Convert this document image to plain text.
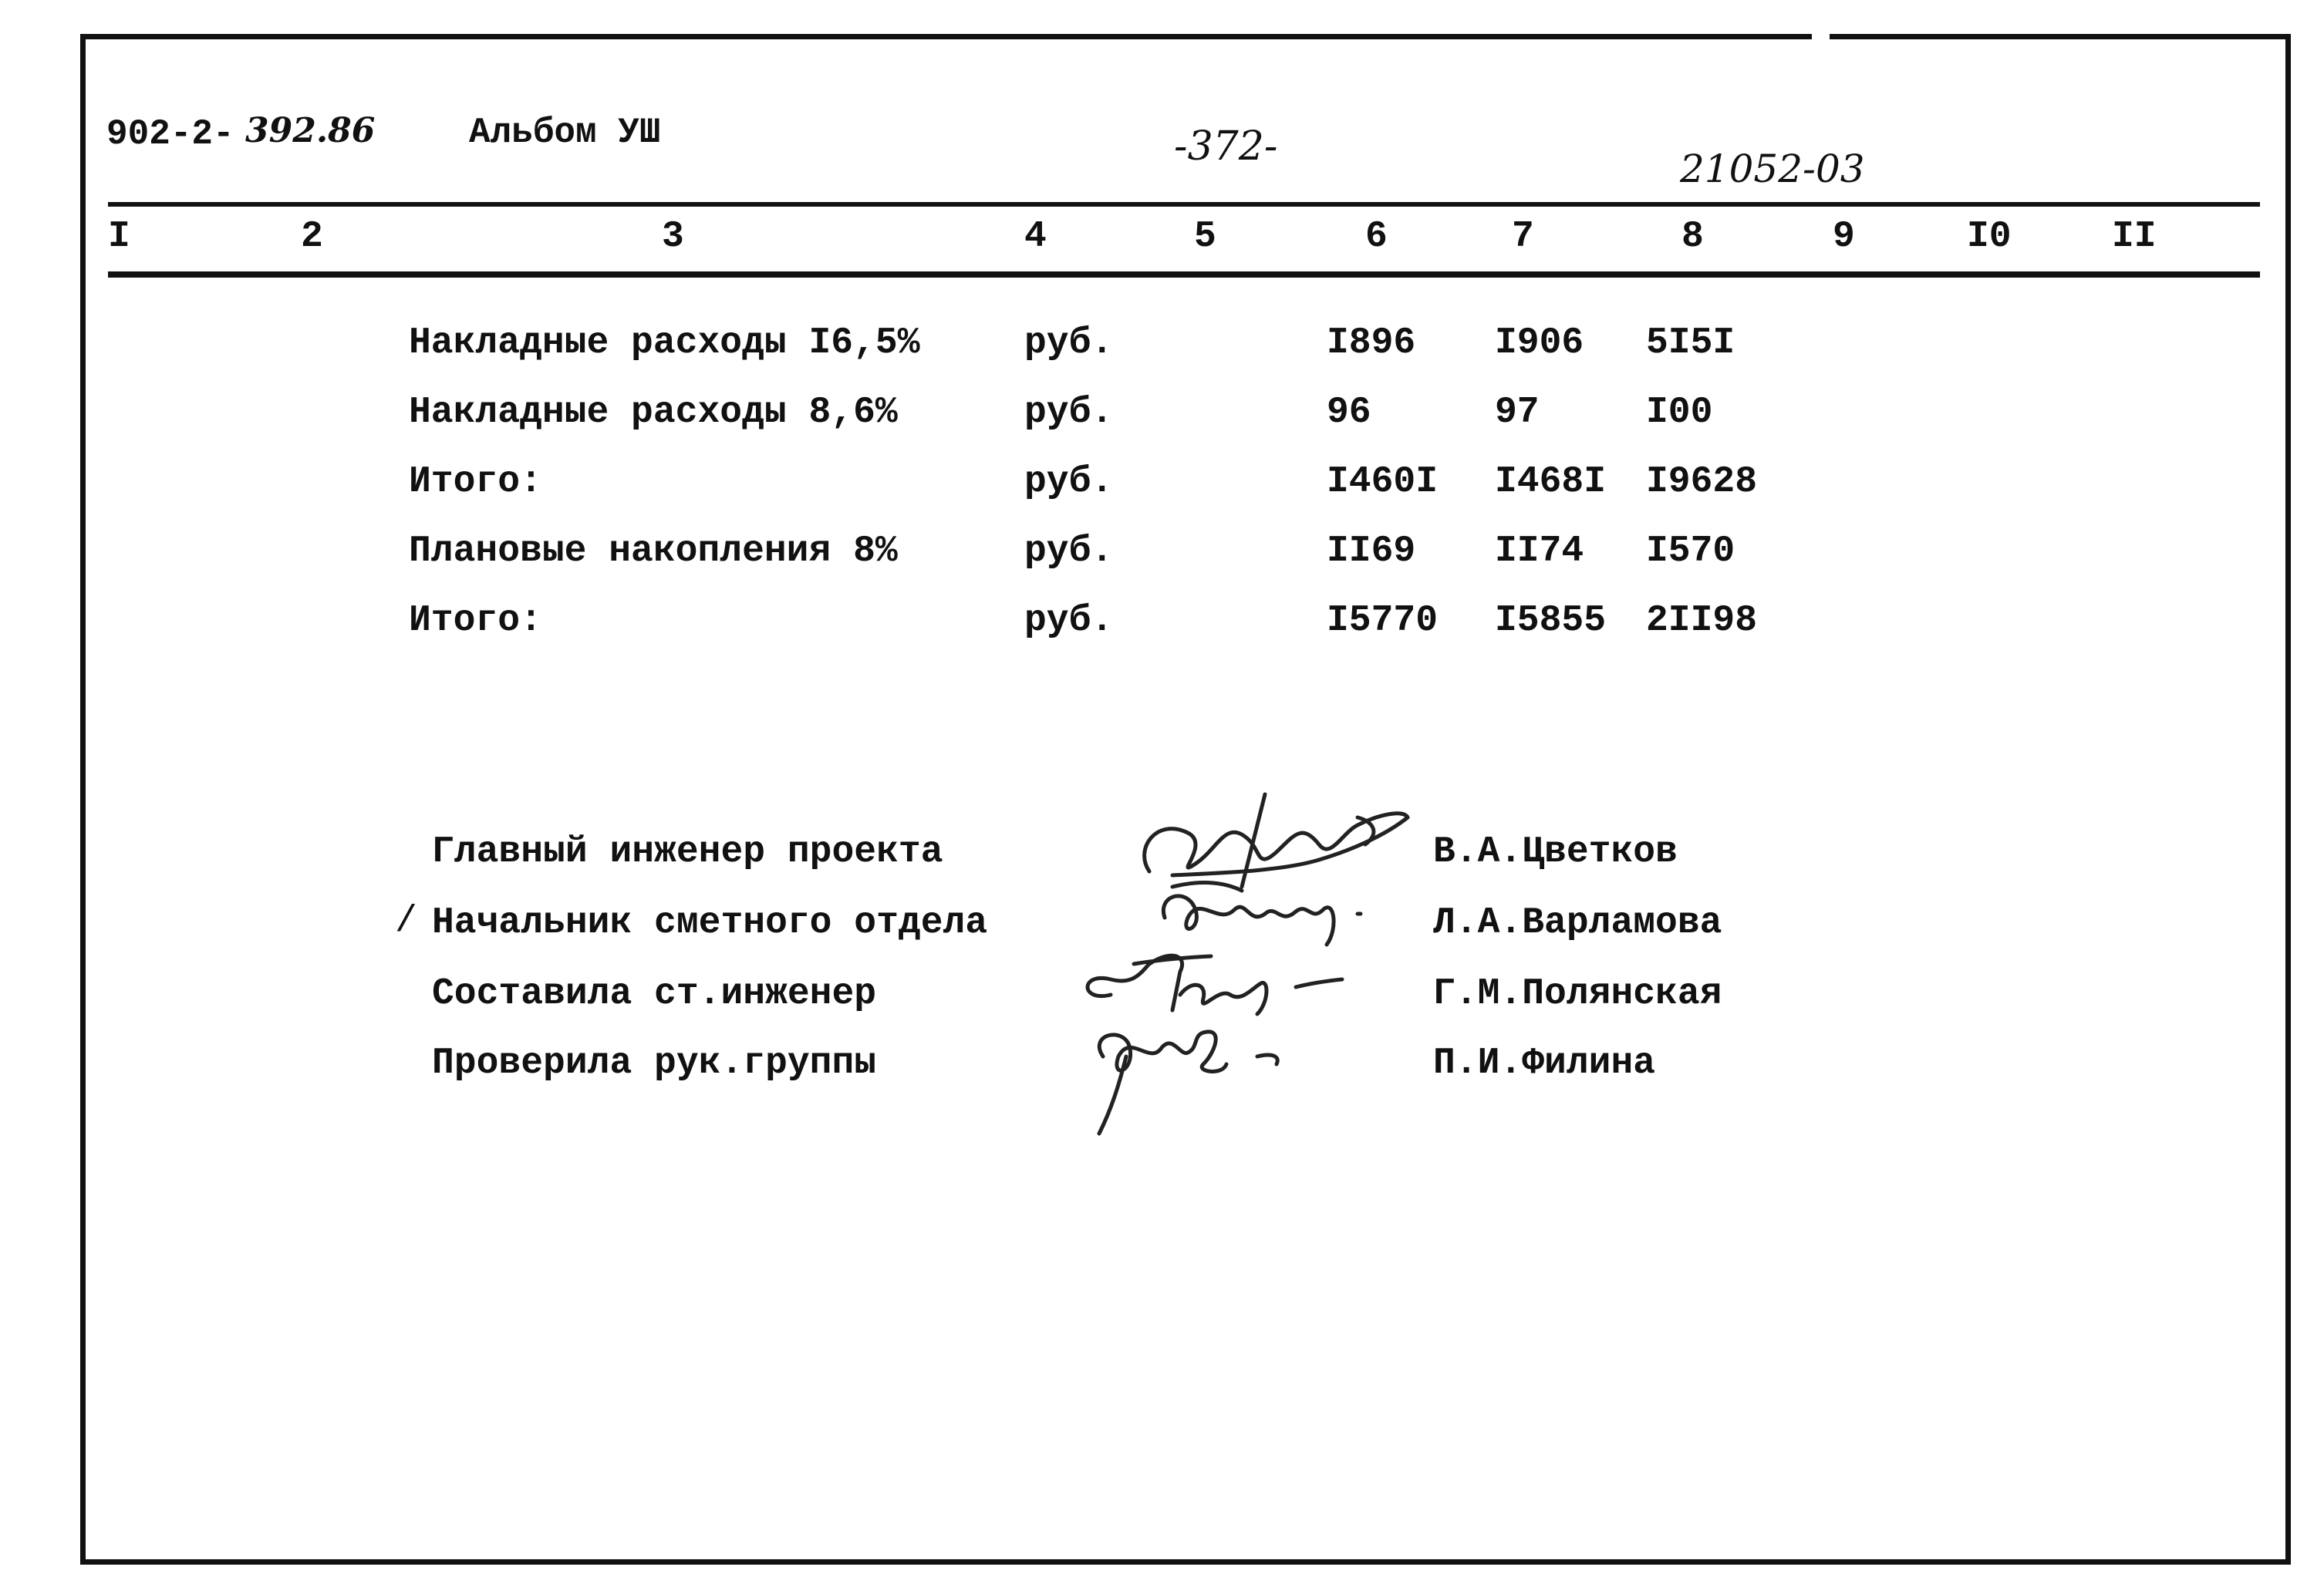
902-2- 392.86	Альбом УШ	-372-	21052-03
I	2	3	4	5	6	7	8	9	I0	II
Накладные расходы I6,5%	руб.	I896 I906 5I5I
Накладные расходы 8,6%	руб.	96	97	I00
Итого:	руб.	I460I I468I I9628
Плановые накопления 8%	руб.	II69 II74 I570
Итого:	руб.	I5770 I5855 2II98
/
Главный инженер проекта	В.А.Цветков
Начальник сметного отдела	Л.А.Варламова
Составила ст.инженер	Г.М.Полянская
Проверила рук.группы	П.И.Филина
